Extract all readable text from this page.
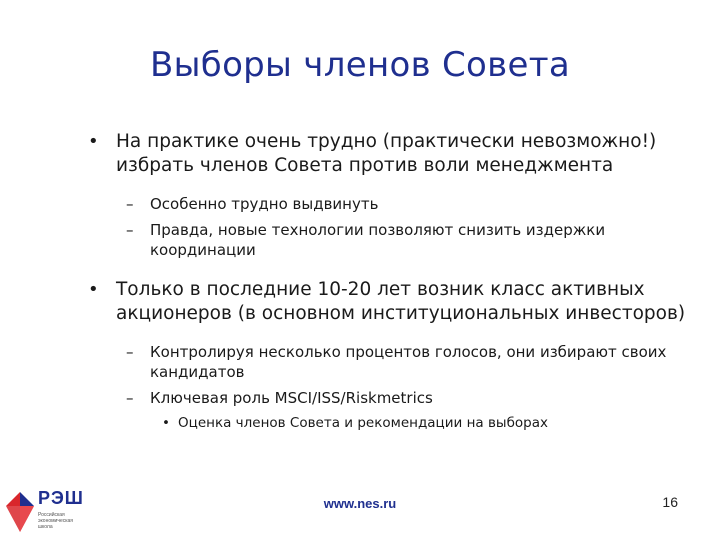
Выборы членов Совета
• На практике очень трудно (практически невозможно!) избрать членов Совета против воли менеджмента
– Особенно трудно выдвинуть
– Правда, новые технологии позволяют снизить издержки координации
• Только в последние 10-20 лет возник класс активных акционеров (в основном институциональных инвесторов)
– Контролируя несколько процентов голосов, они избирают своих кандидатов
– Ключевая роль MSCI/ISS/Riskmetrics
• Оценка членов Совета и рекомендации на выборах
РЭШ
Российская экономическая школа
www.nes.ru	16
